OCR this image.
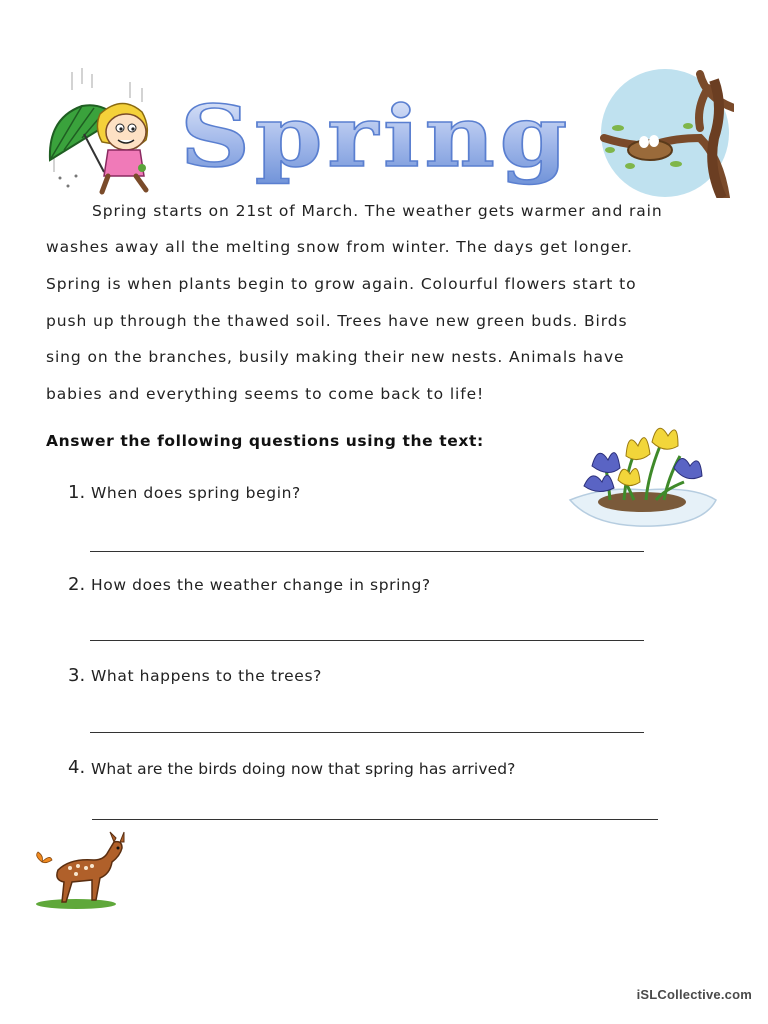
Spring
Spring starts on 21st of March. The weather gets warmer and rain
washes away all the melting snow from winter. The days get longer.
Spring is when plants begin to grow again. Colourful flowers start to
push up through the thawed soil. Trees have new green buds. Birds
sing on the branches, busily making their new nests. Animals have
babies and everything seems to come back to life!
Answer the following questions using the text:
1. When does spring begin?
2. How does the weather change in spring?
3. What happens to the trees?
4. What are the birds doing now that spring has arrived?
iSLCollective.com
